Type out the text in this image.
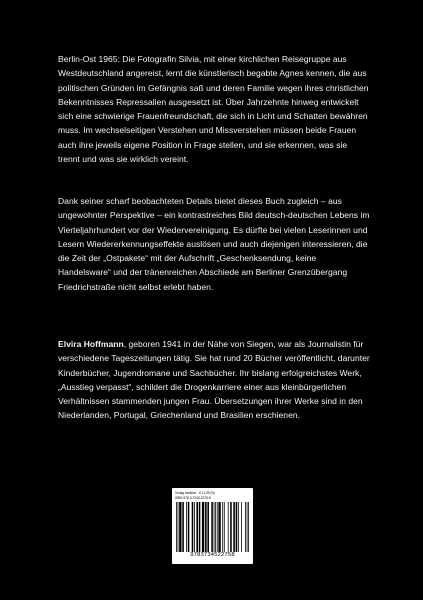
Berlin-Ost 1965: Die Fotografin Silvia, mit einer kirchlichen Reisegruppe aus Westdeutschland angereist, lernt die künstlerisch begabte Agnes kennen, die aus politischen Gründen im Gefängnis saß und deren Familie wegen ihres christlichen Bekenntnisses Repressalien ausgesetzt ist. Über Jahrzehnte hinweg entwickelt sich eine schwierige Frauenfreundschaft, die sich in Licht und Schatten bewähren muss. Im wechselseitigen Verstehen und Missverstehen müssen beide Frauen auch ihre jeweils eigene Position in Frage stellen, und sie erkennen, was sie trennt und was sie wirklich vereint.

Dank seiner scharf beobachteten Details bietet dieses Buch zugleich – aus ungewohnter Perspektive – ein kontrastreiches Bild deutsch-deutschen Lebens im Vierteljahrhundert vor der Wiedervereinigung. Es dürfte bei vielen Leserinnen und Lesern Wiedererkennungseffekte auslösen und auch diejenigen interessieren, die die Zeit der „Ostpakete“ mit der Aufschrift „Geschenksendung, keine Handelsware“ und der tränenreichen Abschiede am Berliner Grenzübergang Friedrichstraße nicht selbst erlebt haben.

Elvira Hoffmann, geboren 1941 in der Nähe von Siegen, war als Journalistin für verschiedene Tageszeitungen tätig. Sie hat rund 20 Bücher veröffentlicht, darunter Kinderbücher, Jugendromane und Sachbücher. Ihr bislang erfolgreichstes Werk, „Ausstieg verpasst“, schildert die Drogenkarriere einer aus kleinbürgerlichen Verhältnissen stammenden jungen Frau. Übersetzungen ihrer Werke sind in den Niederlanden, Portugal, Griechenland und Brasilien erschienen.

Verlag tredition € 11,99 (D)
ISBN 978-3-7345-2275-8
9783734522758
